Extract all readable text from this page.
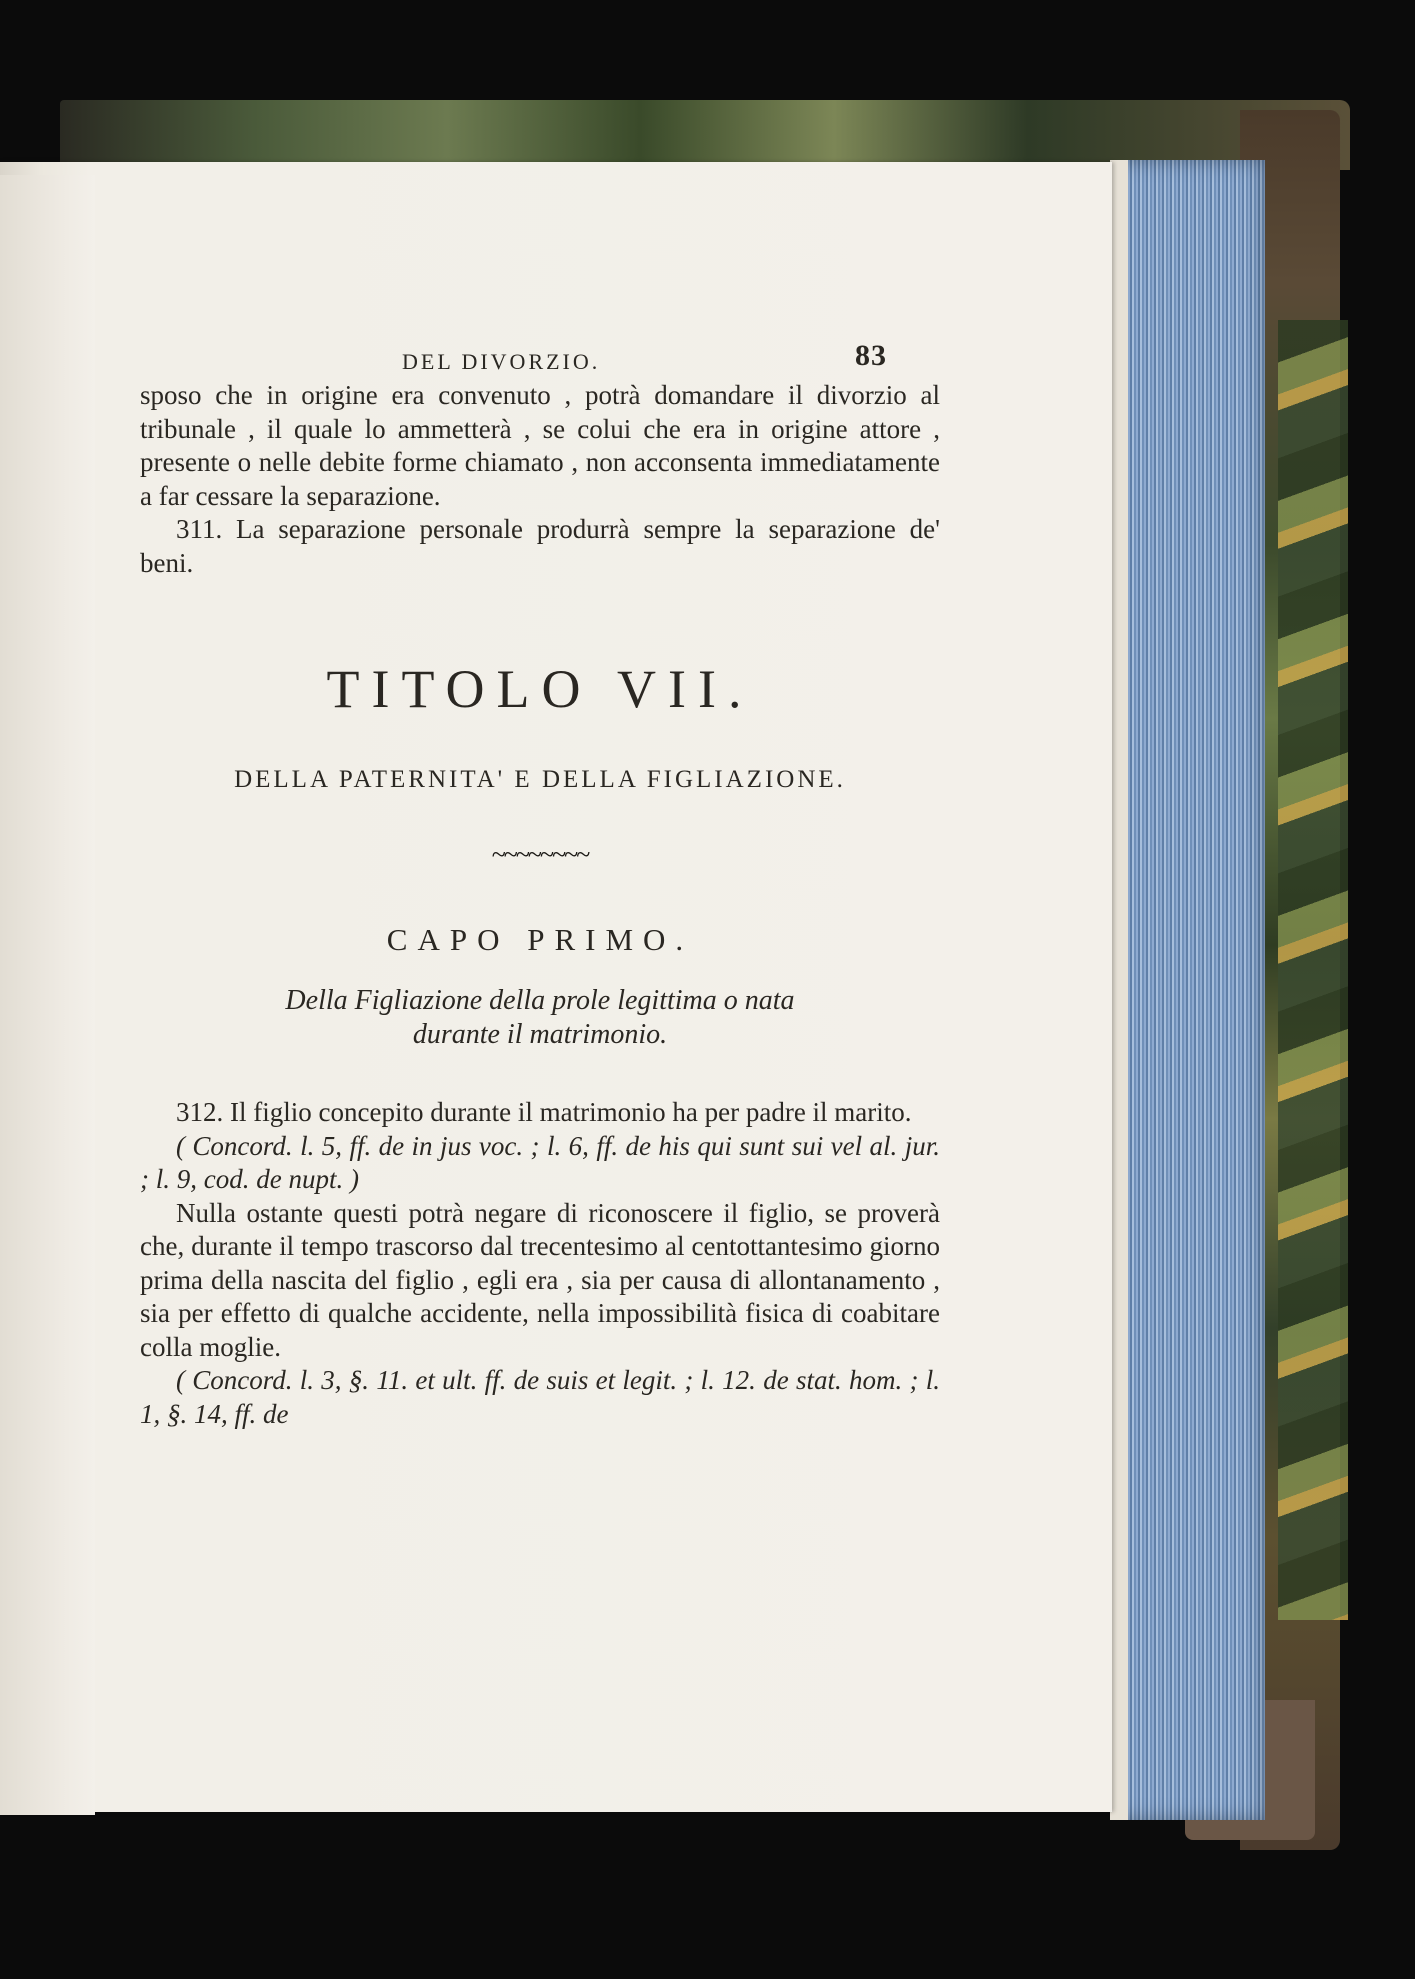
DEL DIVORZIO.	83

sposo che in origine era convenuto , potrà domandare il divorzio al tribunale , il quale lo ammetterà , se colui che era in origine attore , presente o nelle debite forme chiamato , non acconsenta immediatamente a far cessare la separazione.

311. La separazione personale produrrà sempre la separazione de' beni.

TITOLO VII.
DELLA PATERNITA' E DELLA FIGLIAZIONE.
~~~~~~~~
CAPO PRIMO.
Della Figliazione della prole legittima o nata
durante il matrimonio.

312. Il figlio concepito durante il matrimonio ha per padre il marito.

( Concord. l. 5, ff. de in jus voc. ; l. 6, ff. de his qui sunt sui vel al. jur. ; l. 9, cod. de nupt. )

Nulla ostante questi potrà negare di riconoscere il figlio, se proverà che, durante il tempo trascorso dal trecentesimo al centottantesimo giorno prima della nascita del figlio , egli era , sia per causa di allontanamento , sia per effetto di qualche accidente, nella impossibilità fisica di coabitare colla moglie.

( Concord. l. 3, §. 11. et ult. ff. de suis et legit. ; l. 12. de stat. hom. ; l. 1, §. 14, ff. de
